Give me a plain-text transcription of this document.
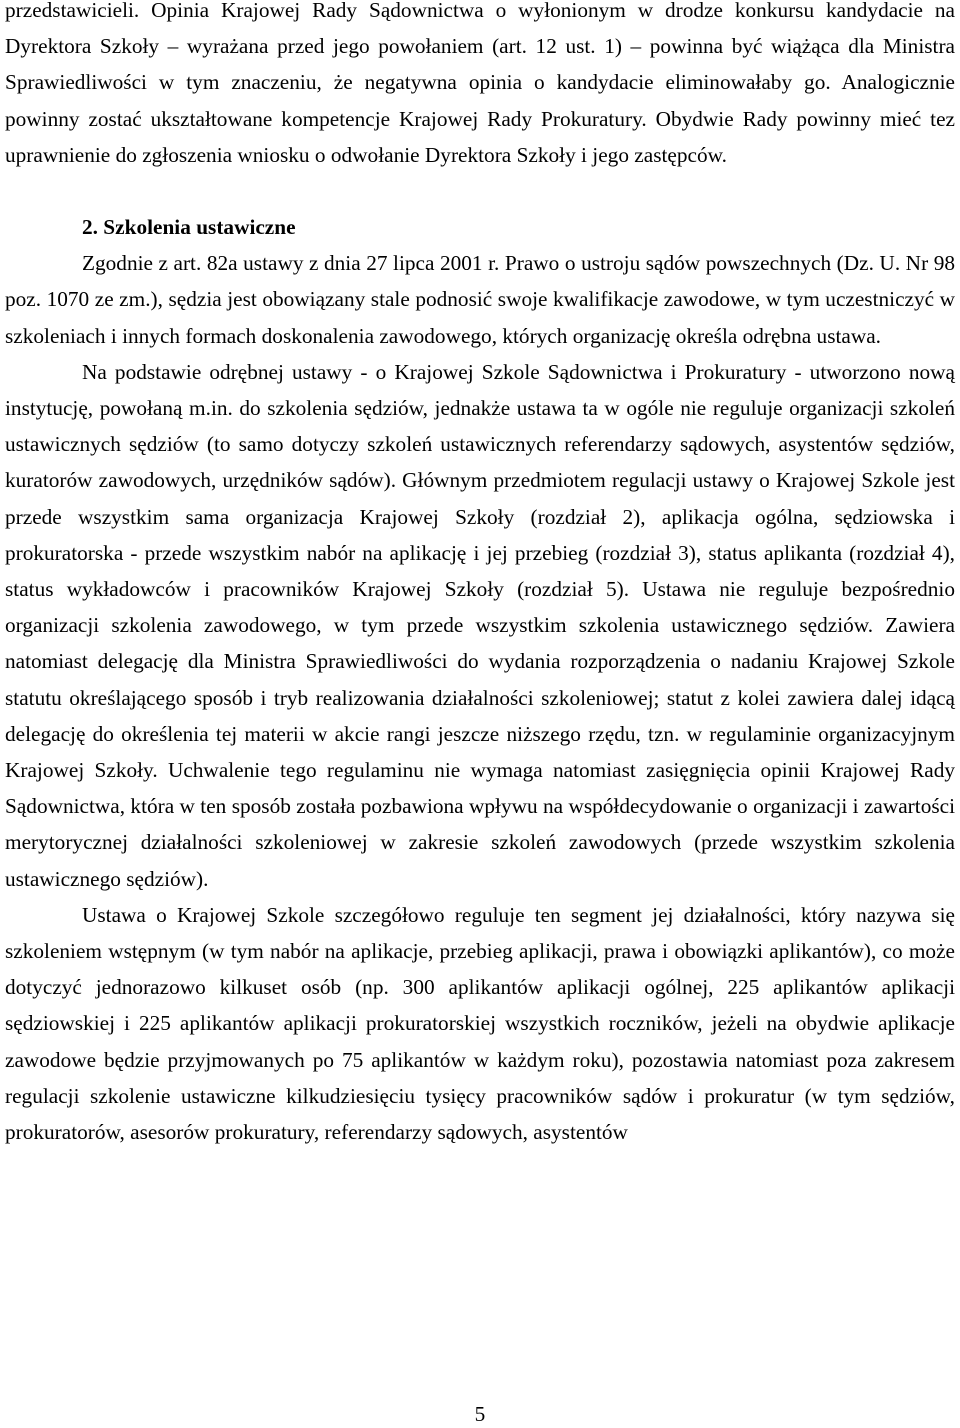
przedstawicieli. Opinia Krajowej Rady Sądownictwa o wyłonionym w drodze konkursu kandydacie na Dyrektora Szkoły – wyrażana przed jego powołaniem (art. 12 ust. 1) – powinna być wiążąca dla Ministra Sprawiedliwości w tym znaczeniu, że negatywna opinia o kandydacie eliminowałaby go. Analogicznie powinny zostać ukształtowane kompetencje Krajowej Rady Prokuratury. Obydwie Rady powinny mieć tez uprawnienie do zgłoszenia wniosku o odwołanie Dyrektora Szkoły i jego zastępców.

2. Szkolenia ustawiczne

Zgodnie z art. 82a ustawy z dnia 27 lipca 2001 r. Prawo o ustroju sądów powszechnych (Dz. U. Nr 98 poz. 1070 ze zm.), sędzia jest obowiązany stale podnosić swoje kwalifikacje zawodowe, w tym uczestniczyć w szkoleniach i innych formach doskonalenia zawodowego, których organizację określa odrębna ustawa.

Na podstawie odrębnej ustawy - o Krajowej Szkole Sądownictwa i Prokuratury - utworzono nową instytucję, powołaną m.in. do szkolenia sędziów, jednakże ustawa ta w ogóle nie reguluje organizacji szkoleń ustawicznych sędziów (to samo dotyczy szkoleń ustawicznych referendarzy sądowych, asystentów sędziów, kuratorów zawodowych, urzędników sądów). Głównym przedmiotem regulacji ustawy o Krajowej Szkole jest przede wszystkim sama organizacja Krajowej Szkoły (rozdział 2), aplikacja ogólna, sędziowska i prokuratorska - przede wszystkim nabór na aplikację i jej przebieg (rozdział 3), status aplikanta (rozdział 4), status wykładowców i pracowników Krajowej Szkoły (rozdział 5). Ustawa nie reguluje bezpośrednio organizacji szkolenia zawodowego, w tym przede wszystkim szkolenia ustawicznego sędziów. Zawiera natomiast delegację dla Ministra Sprawiedliwości do wydania rozporządzenia o nadaniu Krajowej Szkole statutu określającego sposób i tryb realizowania działalności szkoleniowej; statut z kolei zawiera dalej idącą delegację do określenia tej materii w akcie rangi jeszcze niższego rzędu, tzn. w regulaminie organizacyjnym Krajowej Szkoły. Uchwalenie tego regulaminu nie wymaga natomiast zasięgnięcia opinii Krajowej Rady Sądownictwa, która w ten sposób została pozbawiona wpływu na współdecydowanie o organizacji i zawartości merytorycznej działalności szkoleniowej w zakresie szkoleń zawodowych (przede wszystkim szkolenia ustawicznego sędziów).

Ustawa o Krajowej Szkole szczegółowo reguluje ten segment jej działalności, który nazywa się szkoleniem wstępnym (w tym nabór na aplikacje, przebieg aplikacji, prawa i obowiązki aplikantów), co może dotyczyć jednorazowo kilkuset osób (np. 300 aplikantów aplikacji ogólnej, 225 aplikantów aplikacji sędziowskiej i 225 aplikantów aplikacji prokuratorskiej wszystkich roczników, jeżeli na obydwie aplikacje zawodowe będzie przyjmowanych po 75 aplikantów w każdym roku), pozostawia natomiast poza zakresem regulacji szkolenie ustawiczne kilkudziesięciu tysięcy pracowników sądów i prokuratur (w tym sędziów, prokuratorów, asesorów prokuratury, referendarzy sądowych, asystentów

5
